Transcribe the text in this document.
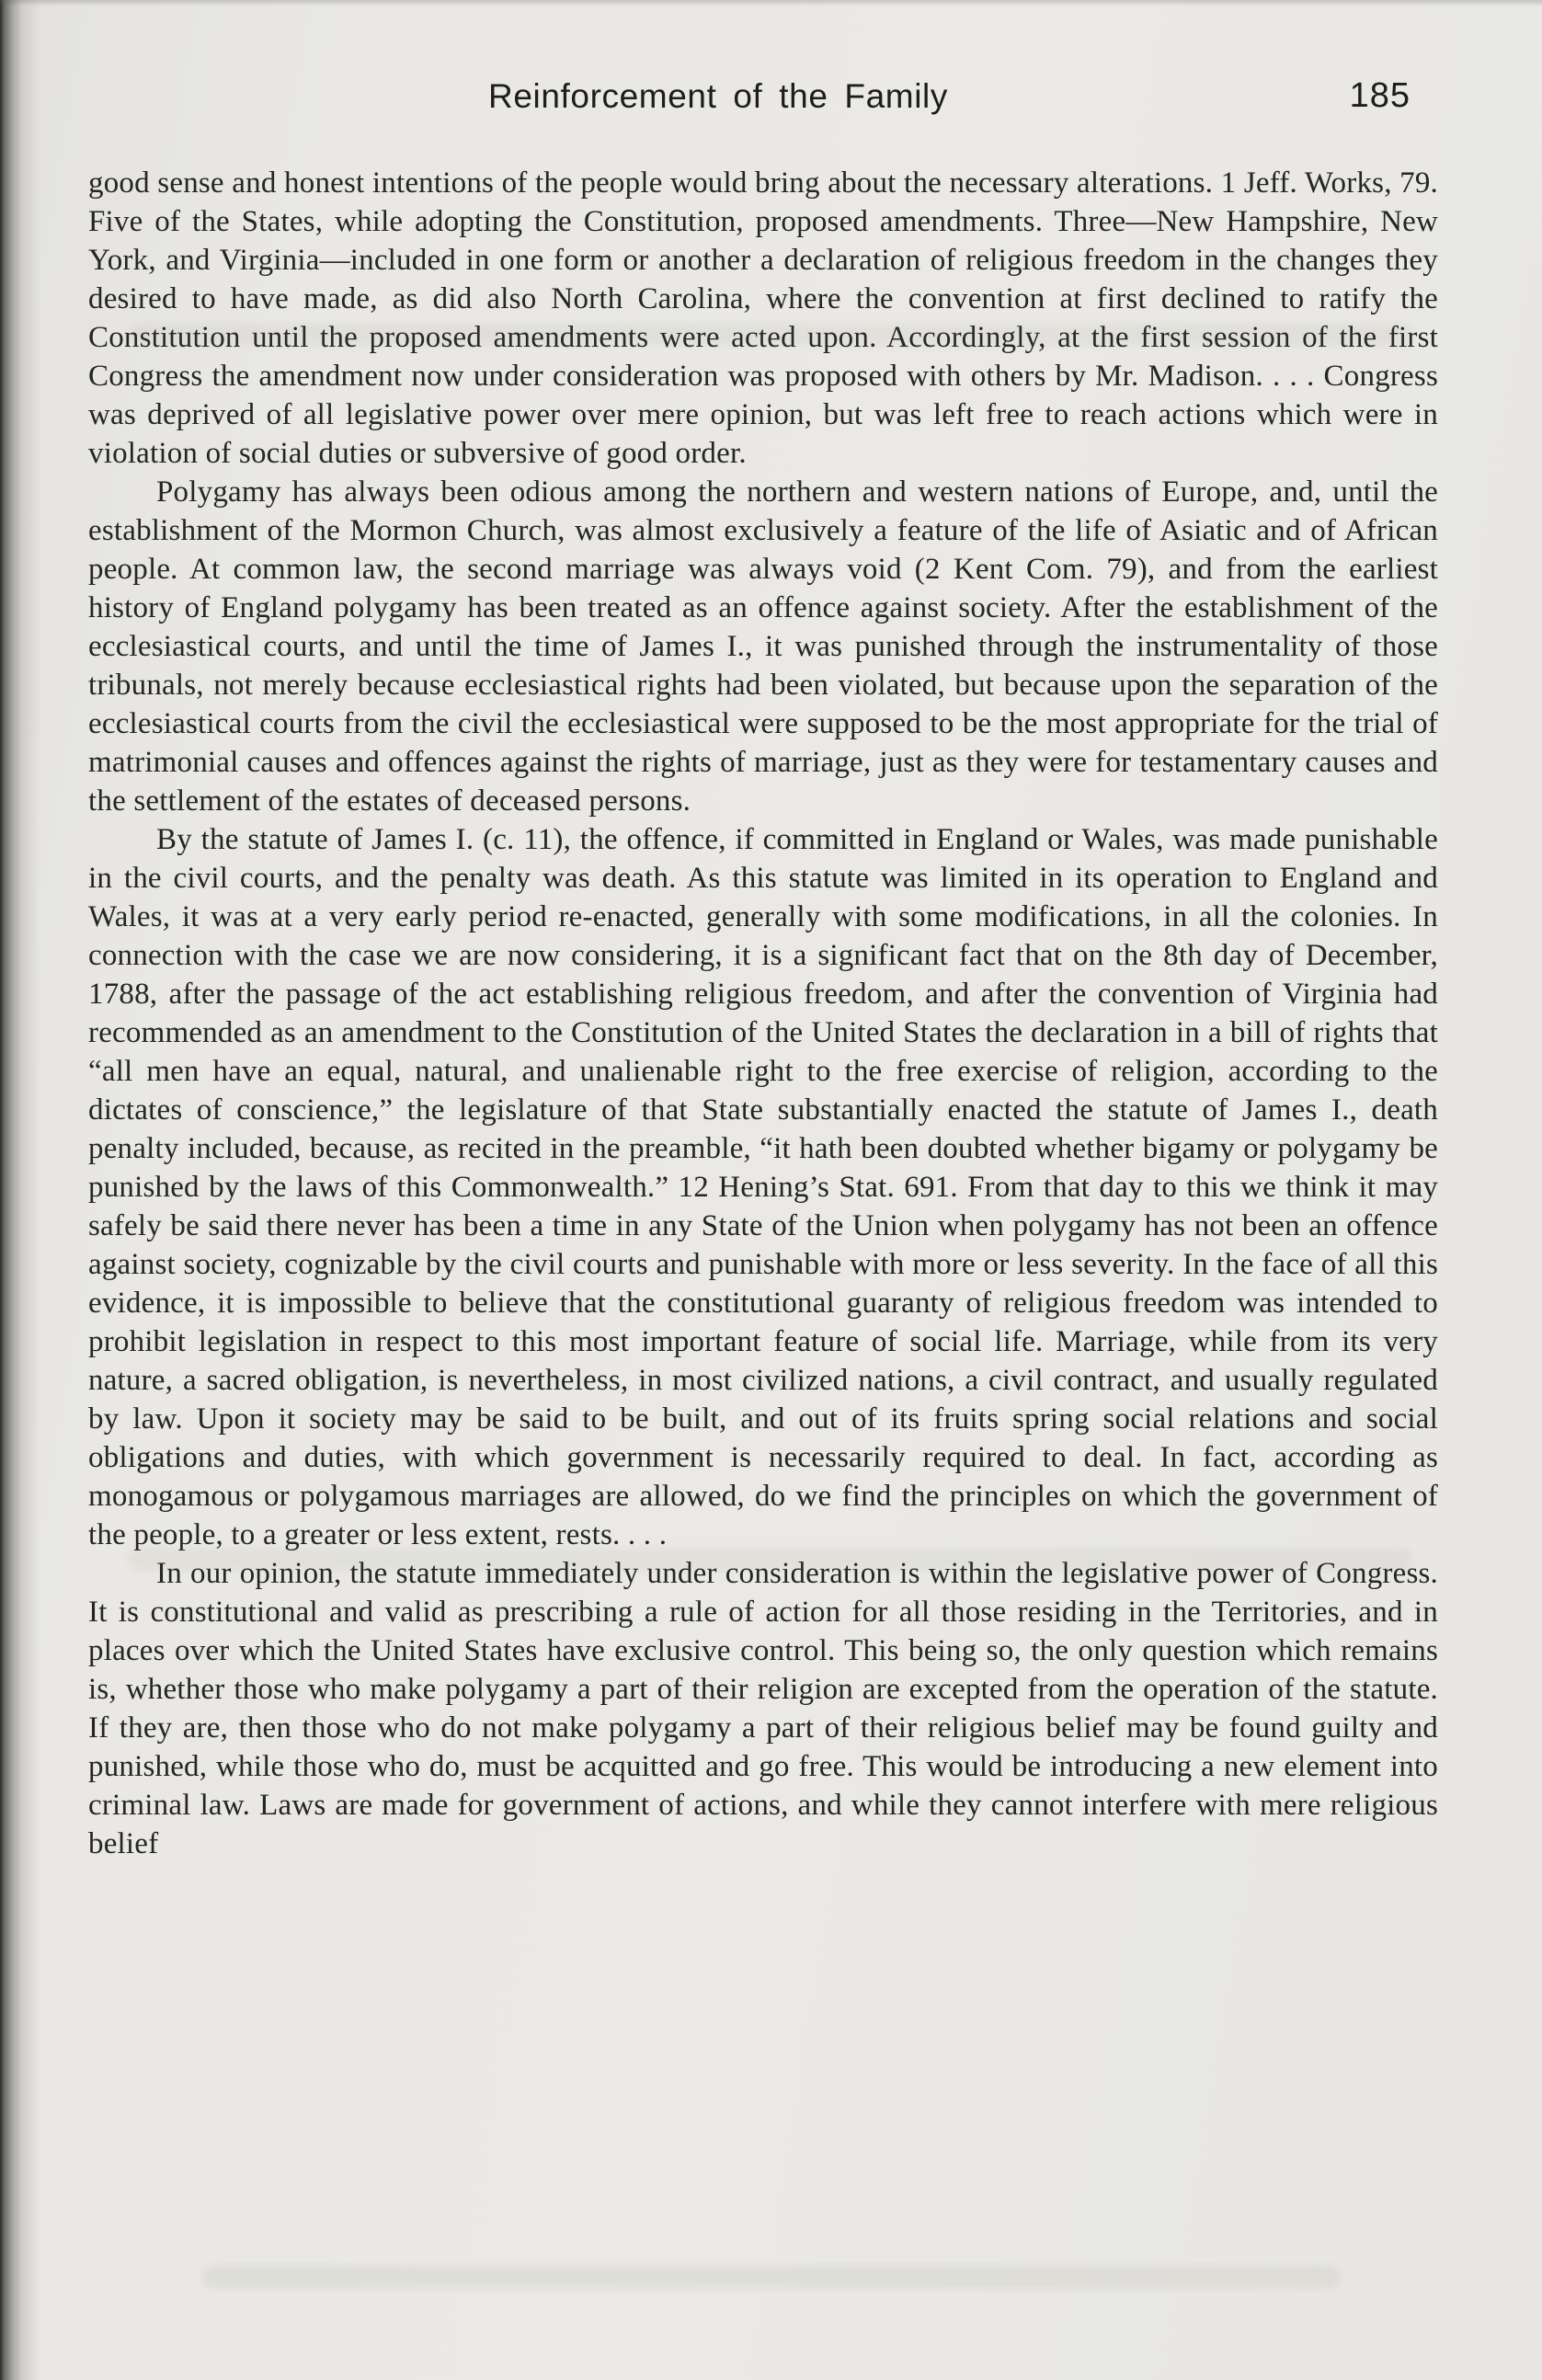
Reinforcement of the Family	185

good sense and honest intentions of the people would bring about the necessary alterations. 1 Jeff. Works, 79. Five of the States, while adopting the Constitution, proposed amendments. Three—New Hampshire, New York, and Virginia—included in one form or another a declaration of religious freedom in the changes they desired to have made, as did also North Carolina, where the convention at first declined to ratify the Constitution until the proposed amendments were acted upon. Accordingly, at the first session of the first Congress the amendment now under consideration was proposed with others by Mr. Madison. . . . Congress was deprived of all legislative power over mere opinion, but was left free to reach actions which were in violation of social duties or subversive of good order.

Polygamy has always been odious among the northern and western nations of Europe, and, until the establishment of the Mormon Church, was almost exclusively a feature of the life of Asiatic and of African people. At common law, the second marriage was always void (2 Kent Com. 79), and from the earliest history of England polygamy has been treated as an offence against society. After the establishment of the ecclesiastical courts, and until the time of James I., it was punished through the instrumentality of those tribunals, not merely because ecclesiastical rights had been violated, but because upon the separation of the ecclesiastical courts from the civil the ecclesiastical were supposed to be the most appropriate for the trial of matrimonial causes and offences against the rights of marriage, just as they were for testamentary causes and the settlement of the estates of deceased persons.

By the statute of James I. (c. 11), the offence, if committed in England or Wales, was made punishable in the civil courts, and the penalty was death. As this statute was limited in its operation to England and Wales, it was at a very early period re-enacted, generally with some modifications, in all the colonies. In connection with the case we are now considering, it is a significant fact that on the 8th day of December, 1788, after the passage of the act establishing religious freedom, and after the convention of Virginia had recommended as an amendment to the Constitution of the United States the declaration in a bill of rights that “all men have an equal, natural, and unalienable right to the free exercise of religion, according to the dictates of conscience,” the legislature of that State substantially enacted the statute of James I., death penalty included, because, as recited in the preamble, “it hath been doubted whether bigamy or polygamy be punished by the laws of this Commonwealth.” 12 Hening’s Stat. 691. From that day to this we think it may safely be said there never has been a time in any State of the Union when polygamy has not been an offence against society, cognizable by the civil courts and punishable with more or less severity. In the face of all this evidence, it is impossible to believe that the constitutional guaranty of religious freedom was intended to prohibit legislation in respect to this most important feature of social life. Marriage, while from its very nature, a sacred obligation, is nevertheless, in most civilized nations, a civil contract, and usually regulated by law. Upon it society may be said to be built, and out of its fruits spring social relations and social obligations and duties, with which government is necessarily required to deal. In fact, according as monogamous or polygamous marriages are allowed, do we find the principles on which the government of the people, to a greater or less extent, rests. . . .

In our opinion, the statute immediately under consideration is within the legislative power of Congress. It is constitutional and valid as prescribing a rule of action for all those residing in the Territories, and in places over which the United States have exclusive control. This being so, the only question which remains is, whether those who make polygamy a part of their religion are excepted from the operation of the statute. If they are, then those who do not make polygamy a part of their religious belief may be found guilty and punished, while those who do, must be acquitted and go free. This would be introducing a new element into criminal law. Laws are made for government of actions, and while they cannot interfere with mere religious belief
